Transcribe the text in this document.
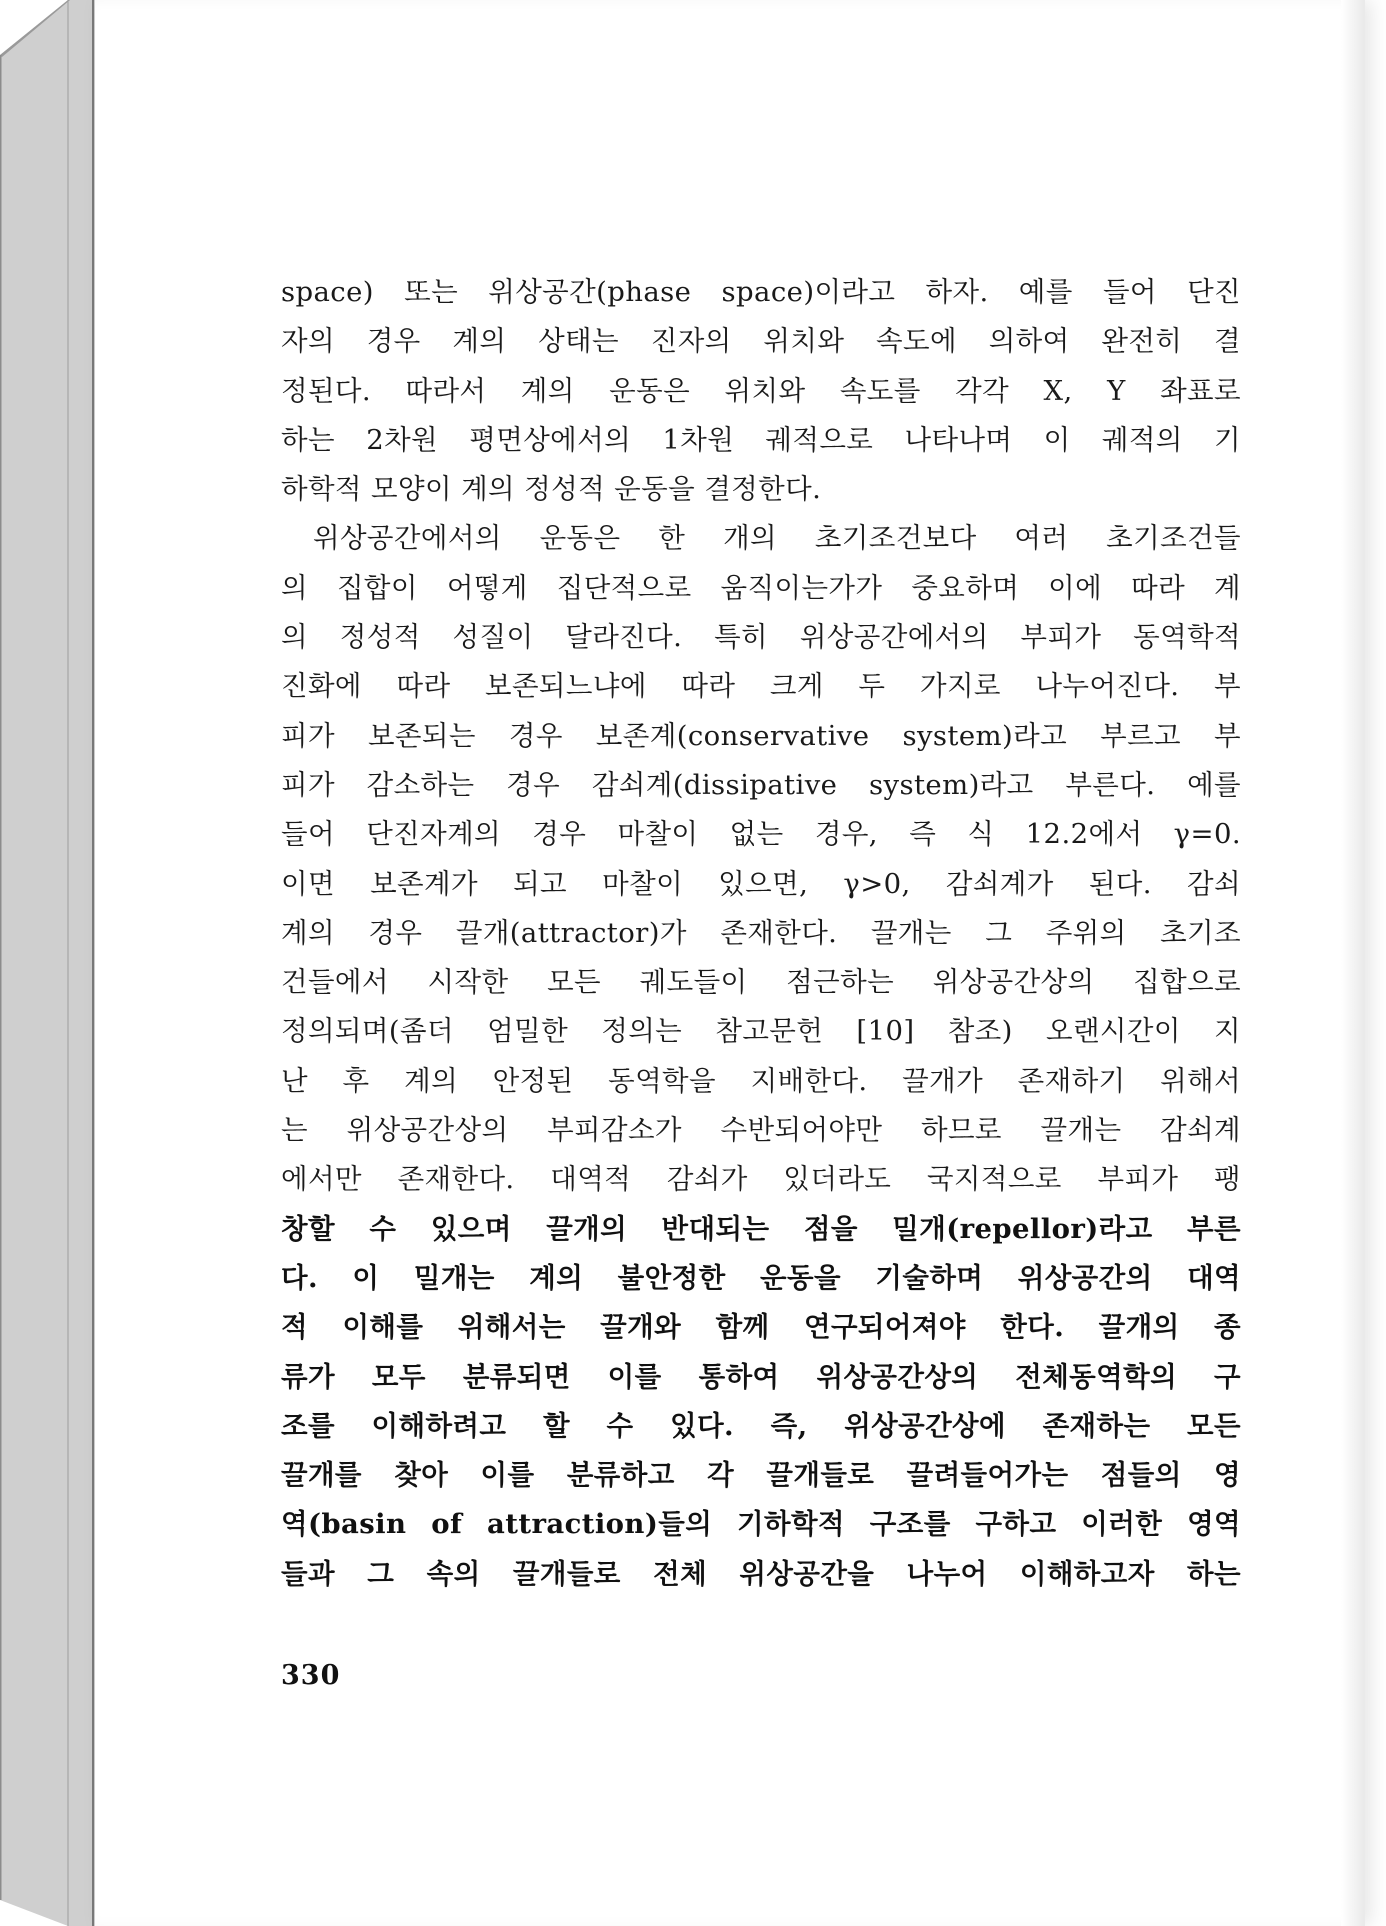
space) 또는 위상공간(phase space)이라고 하자. 예를 들어 단진
자의 경우 계의 상태는 진자의 위치와 속도에 의하여 완전히 결
정된다. 따라서 계의 운동은 위치와 속도를 각각 X, Y 좌표로
하는 2차원 평면상에서의 1차원 궤적으로 나타나며 이 궤적의 기
하학적 모양이 계의 정성적 운동을 결정한다.
위상공간에서의 운동은 한 개의 초기조건보다 여러 초기조건들
의 집합이 어떻게 집단적으로 움직이는가가 중요하며 이에 따라 계
의 정성적 성질이 달라진다. 특히 위상공간에서의 부피가 동역학적
진화에 따라 보존되느냐에 따라 크게 두 가지로 나누어진다. 부
피가 보존되는 경우 보존계(conservative system)라고 부르고 부
피가 감소하는 경우 감쇠계(dissipative system)라고 부른다. 예를
들어 단진자계의 경우 마찰이 없는 경우, 즉 식 12.2에서 γ=0.
이면 보존계가 되고 마찰이 있으면, γ>0, 감쇠계가 된다. 감쇠
계의 경우 끌개(attractor)가 존재한다. 끌개는 그 주위의 초기조
건들에서 시작한 모든 궤도들이 점근하는 위상공간상의 집합으로
정의되며(좀더 엄밀한 정의는 참고문헌 [10] 참조) 오랜시간이 지
난 후 계의 안정된 동역학을 지배한다. 끌개가 존재하기 위해서
는 위상공간상의 부피감소가 수반되어야만 하므로 끌개는 감쇠계
에서만 존재한다. 대역적 감쇠가 있더라도 국지적으로 부피가 팽
창할 수 있으며 끌개의 반대되는 점을 밀개(repellor)라고 부른
다. 이 밀개는 계의 불안정한 운동을 기술하며 위상공간의 대역
적 이해를 위해서는 끌개와 함께 연구되어져야 한다. 끌개의 종
류가 모두 분류되면 이를 통하여 위상공간상의 전체동역학의 구
조를 이해하려고 할 수 있다. 즉, 위상공간상에 존재하는 모든
끌개를 찾아 이를 분류하고 각 끌개들로 끌려들어가는 점들의 영
역(basin of attraction)들의 기하학적 구조를 구하고 이러한 영역
들과 그 속의 끌개들로 전체 위상공간을 나누어 이해하고자 하는
330
